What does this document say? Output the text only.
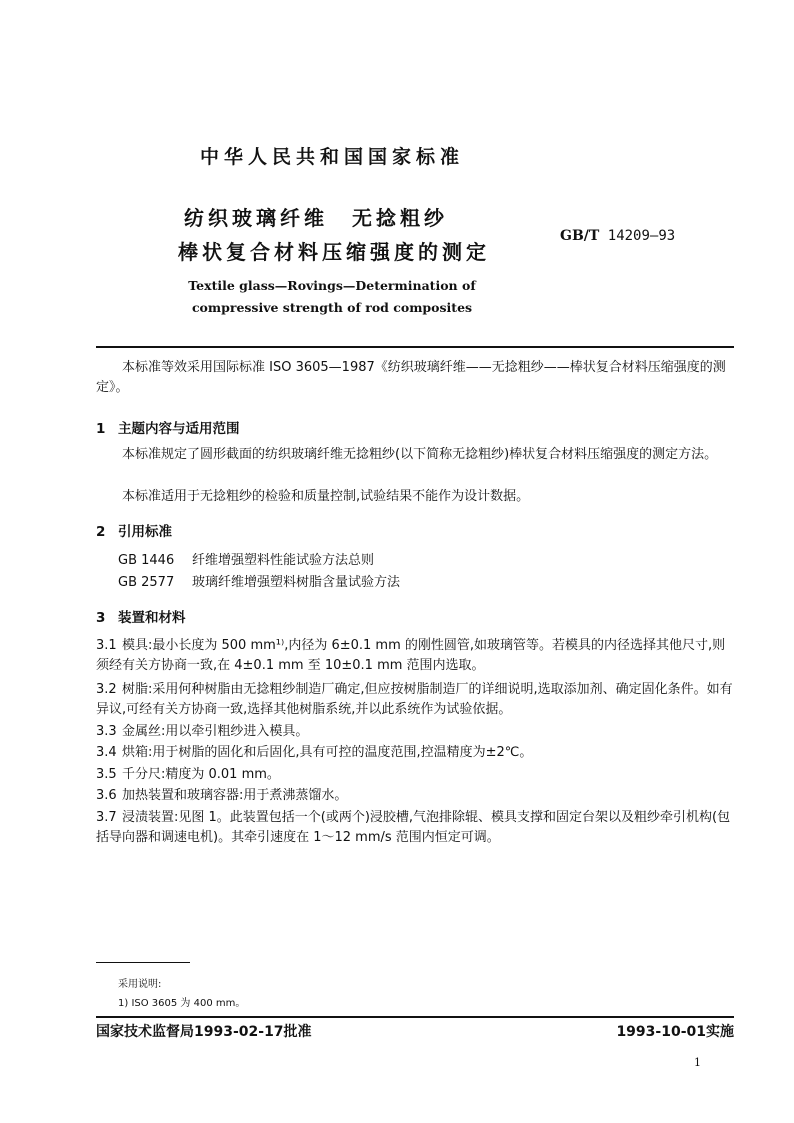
中华人民共和国国家标准
纺织玻璃纤维　无捻粗纱
棒状复合材料压缩强度的测定
GB/T 14209—93
Textile glass—Rovings—Determination of
compressive strength of rod composites
本标准等效采用国际标准 ISO 3605—1987《纺织玻璃纤维——无捻粗纱——棒状复合材料压缩强度的测定》。
1 主题内容与适用范围
本标准规定了圆形截面的纺织玻璃纤维无捻粗纱(以下简称无捻粗纱)棒状复合材料压缩强度的测定方法。
本标准适用于无捻粗纱的检验和质量控制,试验结果不能作为设计数据。
2 引用标准
GB 1446 纤维增强塑料性能试验方法总则
GB 2577 玻璃纤维增强塑料树脂含量试验方法
3 装置和材料
3.1 模具:最小长度为 500 mm¹⁾,内径为 6±0.1 mm 的刚性圆管,如玻璃管等。若模具的内径选择其他尺寸,则须经有关方协商一致,在 4±0.1 mm 至 10±0.1 mm 范围内选取。
3.2 树脂:采用何种树脂由无捻粗纱制造厂确定,但应按树脂制造厂的详细说明,选取添加剂、确定固化条件。如有异议,可经有关方协商一致,选择其他树脂系统,并以此系统作为试验依据。
3.3 金属丝:用以牵引粗纱进入模具。
3.4 烘箱:用于树脂的固化和后固化,具有可控的温度范围,控温精度为±2℃。
3.5 千分尺:精度为 0.01 mm。
3.6 加热装置和玻璃容器:用于煮沸蒸馏水。
3.7 浸渍装置:见图 1。此装置包括一个(或两个)浸胶槽,气泡排除辊、模具支撑和固定台架以及粗纱牵引机构(包括导向器和调速电机)。其牵引速度在 1～12 mm/s 范围内恒定可调。
采用说明:
1) ISO 3605 为 400 mm。
国家技术监督局1993-02-17批准	1993-10-01实施
1
